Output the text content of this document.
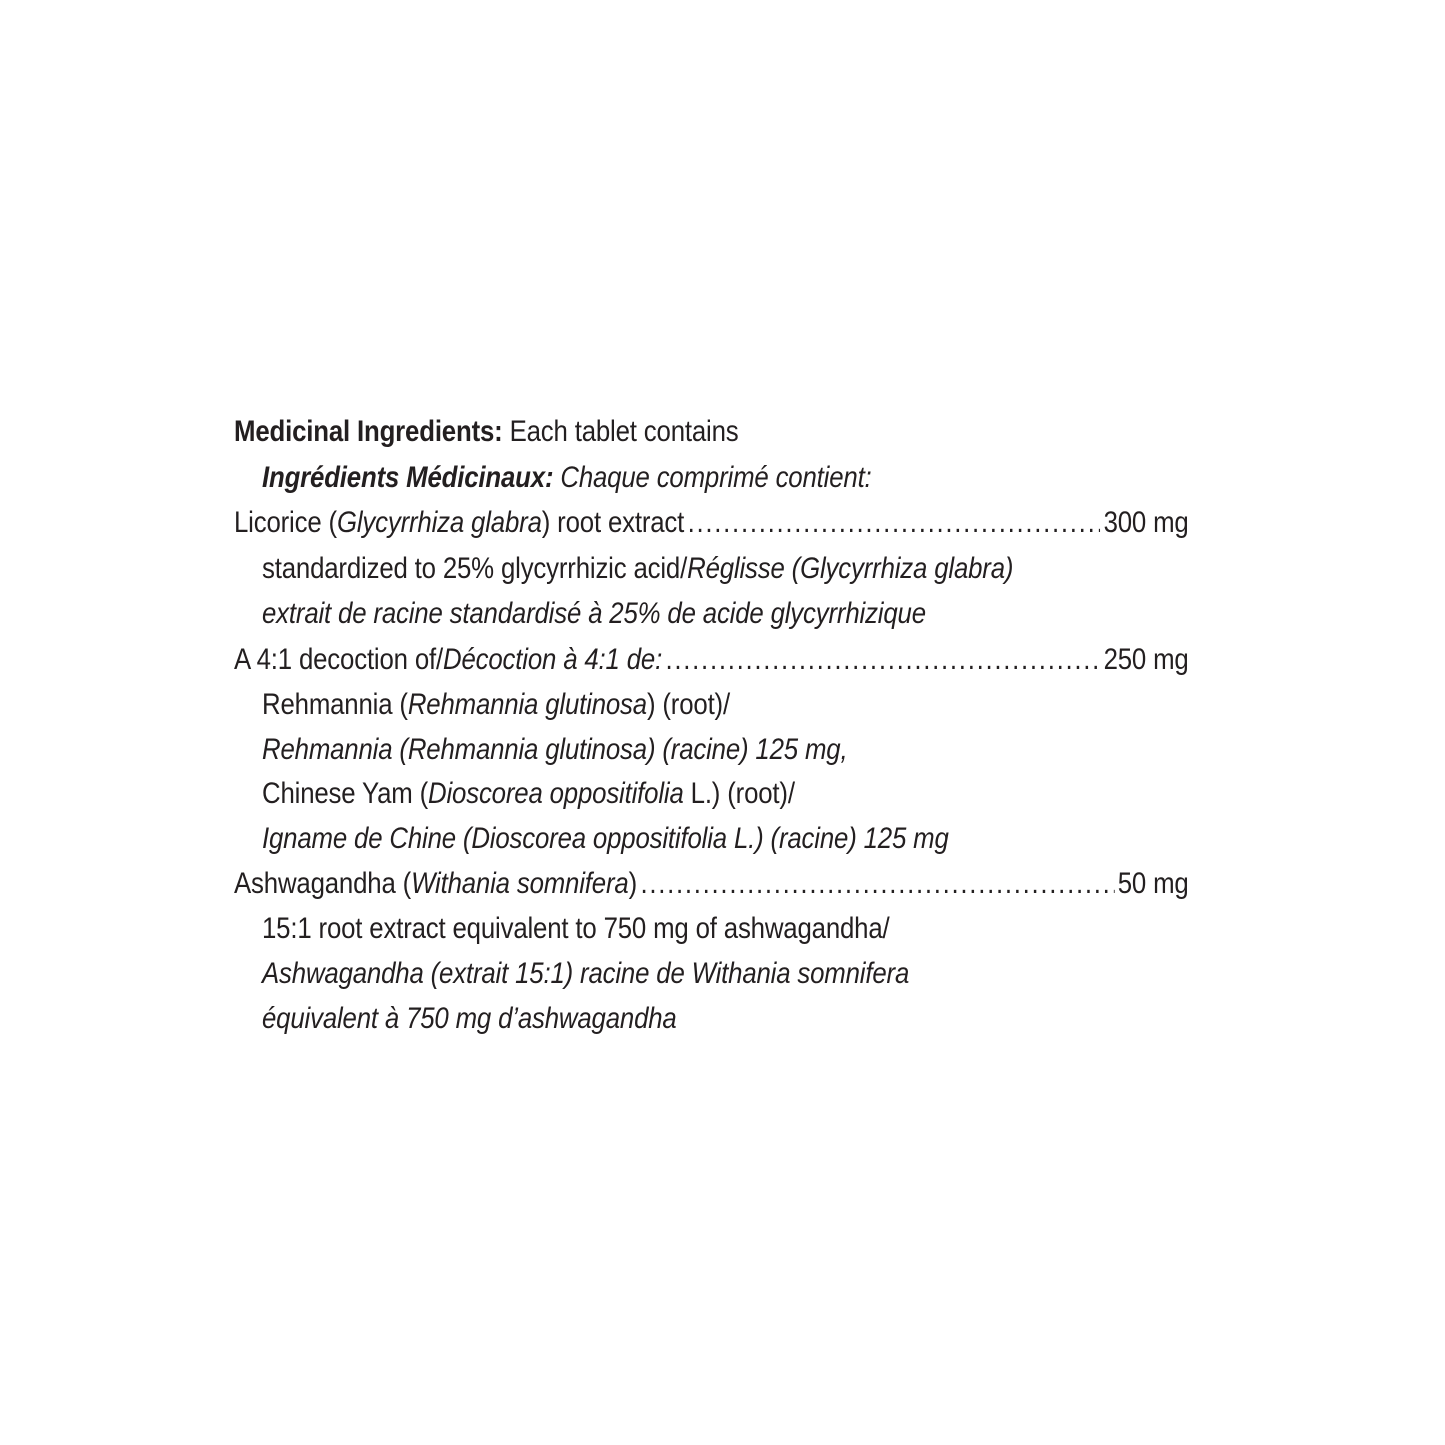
Medicinal Ingredients: Each tablet contains
Ingrédients Médicinaux: Chaque comprimé contient:
Licorice (Glycyrrhiza glabra) root extract .....	300 mg
standardized to 25% glycyrrhizic acid/Réglisse (Glycyrrhiza glabra)
extrait de racine standardisé à 25% de acide glycyrrhizique
A 4:1 decoction of/Décoction à 4:1 de: .....	250 mg
Rehmannia (Rehmannia glutinosa) (root)/
Rehmannia (Rehmannia glutinosa) (racine) 125 mg,
Chinese Yam (Dioscorea oppositifolia L.) (root)/
Igname de Chine (Dioscorea oppositifolia L.) (racine) 125 mg
Ashwagandha (Withania somnifera) .....	50 mg
15:1 root extract equivalent to 750 mg of ashwagandha/
Ashwagandha (extrait 15:1) racine de Withania somnifera
équivalent à 750 mg d’ashwagandha
